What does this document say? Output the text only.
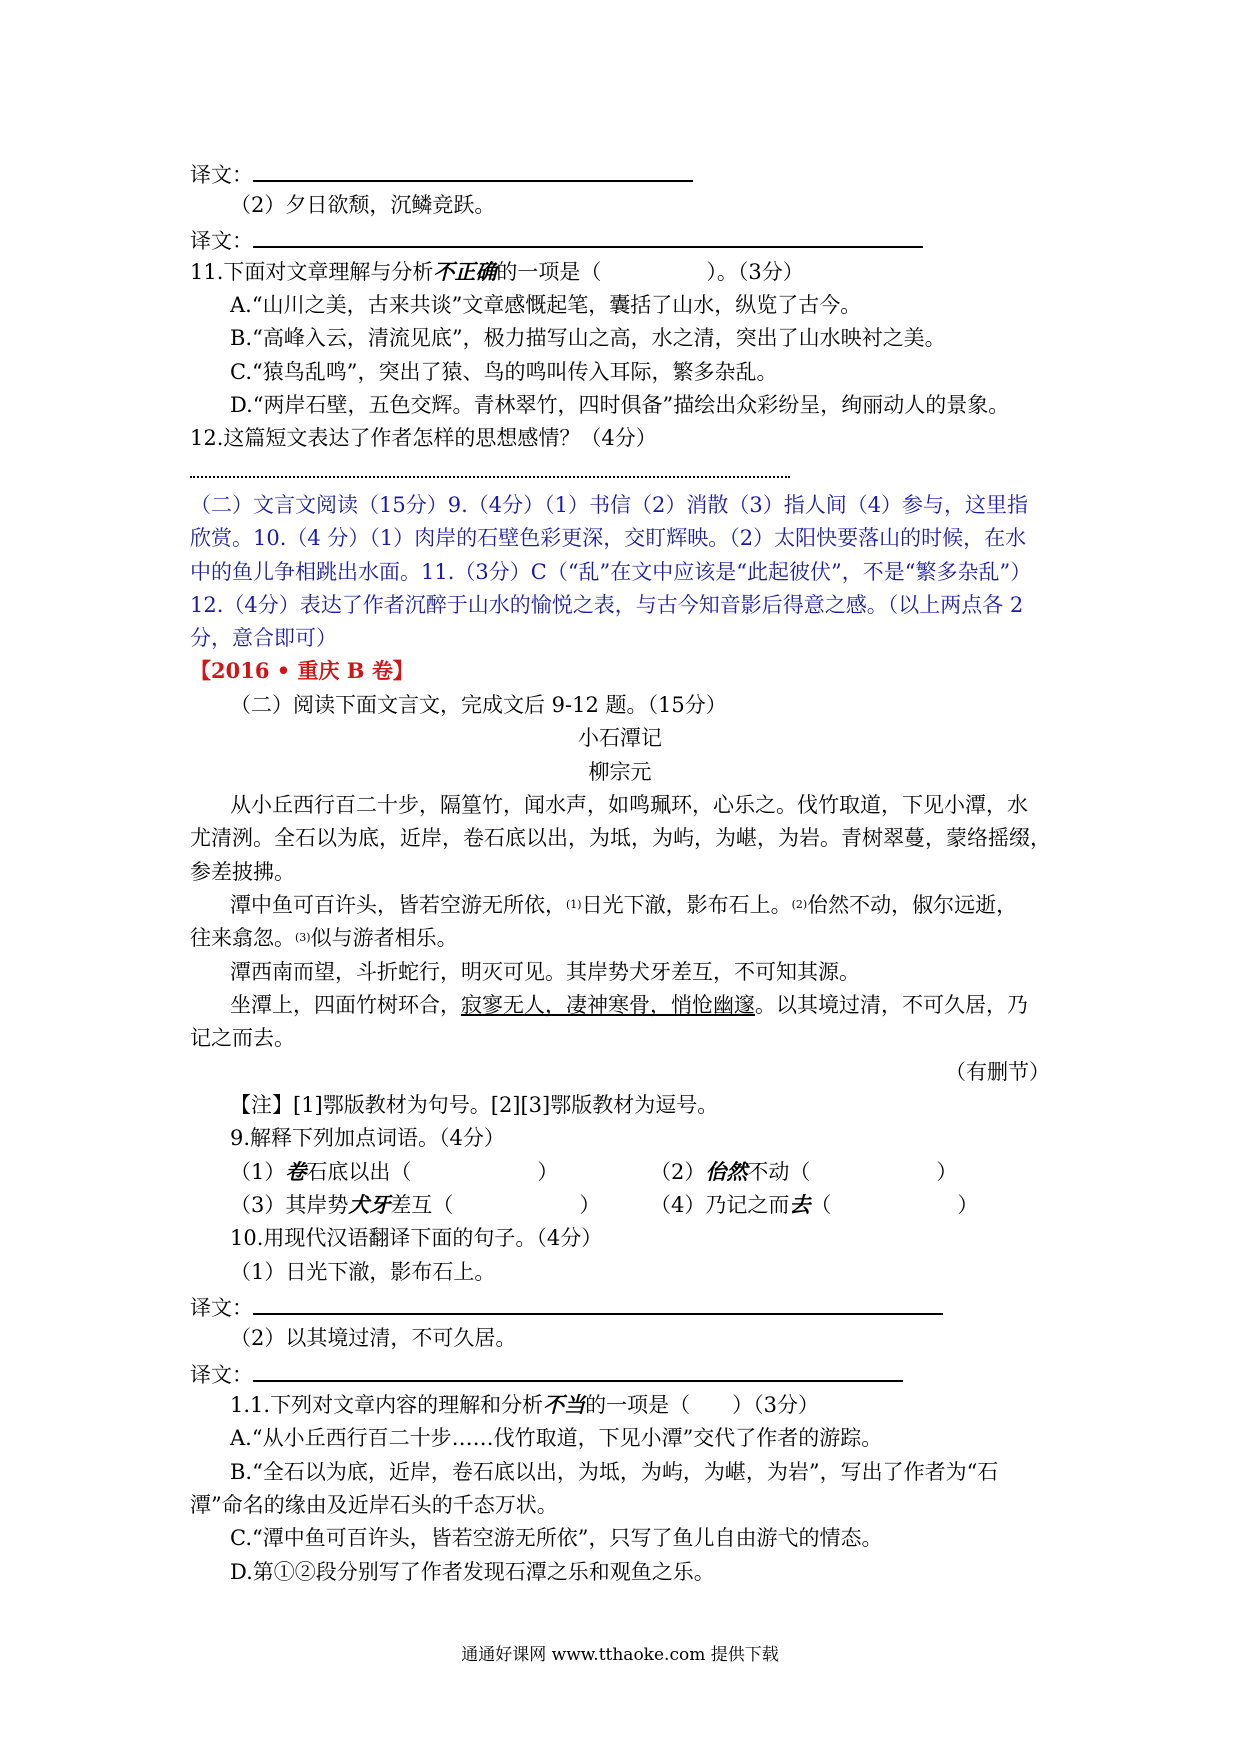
译文：
（2）夕日欲颓，沉鳞竞跃。
译文：
11.下面对文章理解与分析不正确的一项是（　　　　　）。（3分）
A.“山川之美，古来共谈”文章感慨起笔，囊括了山水，纵览了古今。
B.“高峰入云，清流见底”，极力描写山之高，水之清，突出了山水映衬之美。
C.“猿鸟乱鸣”，突出了猿、鸟的鸣叫传入耳际，繁多杂乱。
D.“两岸石壁，五色交辉。青林翠竹，四时俱备”描绘出众彩纷呈，绚丽动人的景象。
12.这篇短文表达了作者怎样的思想感情？（4分）
（二）文言文阅读（15分）9.（4分）（1）书信（2）消散（3）指人间（4）参与，这里指
欣赏。10.（4 分）（1）肉岸的石壁色彩更深，交盯辉映。（2）太阳快要落山的时候，在水
中的鱼儿争相跳出水面。11.（3分）C（“乱”在文中应该是“此起彼伏”，不是“繁多杂乱”）
12.（4分）表达了作者沉醉于山水的愉悦之表，与古今知音影后得意之感。（以上两点各 2
分，意合即可）
【2016 • 重庆 B 卷】
（二）阅读下面文言文，完成文后 9-12 题。（15分）
小石潭记
柳宗元
从小丘西行百二十步，隔篁竹，闻水声，如鸣珮环，心乐之。伐竹取道，下见小潭，水
尤清洌。全石以为底，近岸，卷石底以出，为坻，为屿，为嵁，为岩。青树翠蔓，蒙络摇缀，
参差披拂。
潭中鱼可百许头，皆若空游无所依，$^{(1)}$日光下澈，影布石上。$^{(2)}$佁然不动，俶尔远逝，
往来翕忽。$^{(3)}$似与游者相乐。
潭西南而望，斗折蛇行，明灭可见。其岸势犬牙差互，不可知其源。
坐潭上，四面竹树环合，寂寥无人，凄神寒骨，悄怆幽邃。以其境过清，不可久居，乃
记之而去。
（有删节）
【注】[1]鄂版教材为句号。[2][3]鄂版教材为逗号。
9.解释下列加点词语。（4分）
（1）卷石底以出（　　　　　　）	（2）佁然不动（　　　　　　）
（3）其岸势犬牙差互（　　　　　　） （4）乃记之而去（　　　　　　）
10.用现代汉语翻译下面的句子。（4分）
（1）日光下澈，影布石上。
译文：
（2）以其境过清，不可久居。
译文：
1.1.下列对文章内容的理解和分析不当的一项是（　　）（3分）
A.“从小丘西行百二十步……伐竹取道，下见小潭”交代了作者的游踪。
B.“全石以为底，近岸，卷石底以出，为坻，为屿，为嵁，为岩”，写出了作者为“石
潭”命名的缘由及近岸石头的千态万状。
C.“潭中鱼可百许头，皆若空游无所依”，只写了鱼儿自由游弋的情态。
D.第①②段分别写了作者发现石潭之乐和观鱼之乐。
通通好课网 www.tthaoke.com 提供下载
